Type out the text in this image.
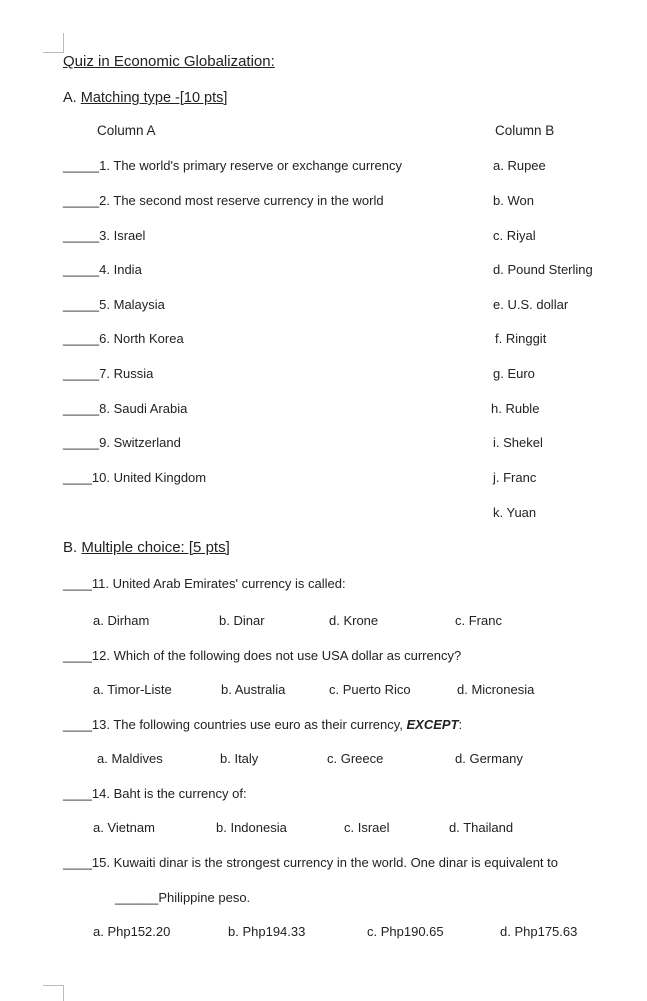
Quiz in Economic Globalization:
A. Matching type -[10 pts]
Column A	Column B
_____1. The world's primary reserve or exchange currency	a. Rupee
_____2. The second most reserve currency in the world	b. Won
_____3. Israel	c. Riyal
_____4. India	d. Pound Sterling
_____5. Malaysia	e. U.S. dollar
_____6. North Korea	f. Ringgit
_____7. Russia	g. Euro
_____8. Saudi Arabia	h. Ruble
_____9. Switzerland	i. Shekel
____10. United Kingdom	j. Franc
k. Yuan
B. Multiple choice: [5 pts]
____11. United Arab Emirates' currency is called:
a. Dirham	b. Dinar	d. Krone	c. Franc
____12. Which of the following does not use USA dollar as currency?
a. Timor-Liste	b. Australia	c. Puerto Rico	d. Micronesia
____13. The following countries use euro as their currency, EXCEPT:
a. Maldives	b. Italy	c. Greece	d. Germany
____14. Baht is the currency of:
a. Vietnam	b. Indonesia	c. Israel	d. Thailand
____15. Kuwaiti dinar is the strongest currency in the world. One dinar is equivalent to
______Philippine peso.
a. Php152.20	b. Php194.33	c. Php190.65	d. Php175.63
